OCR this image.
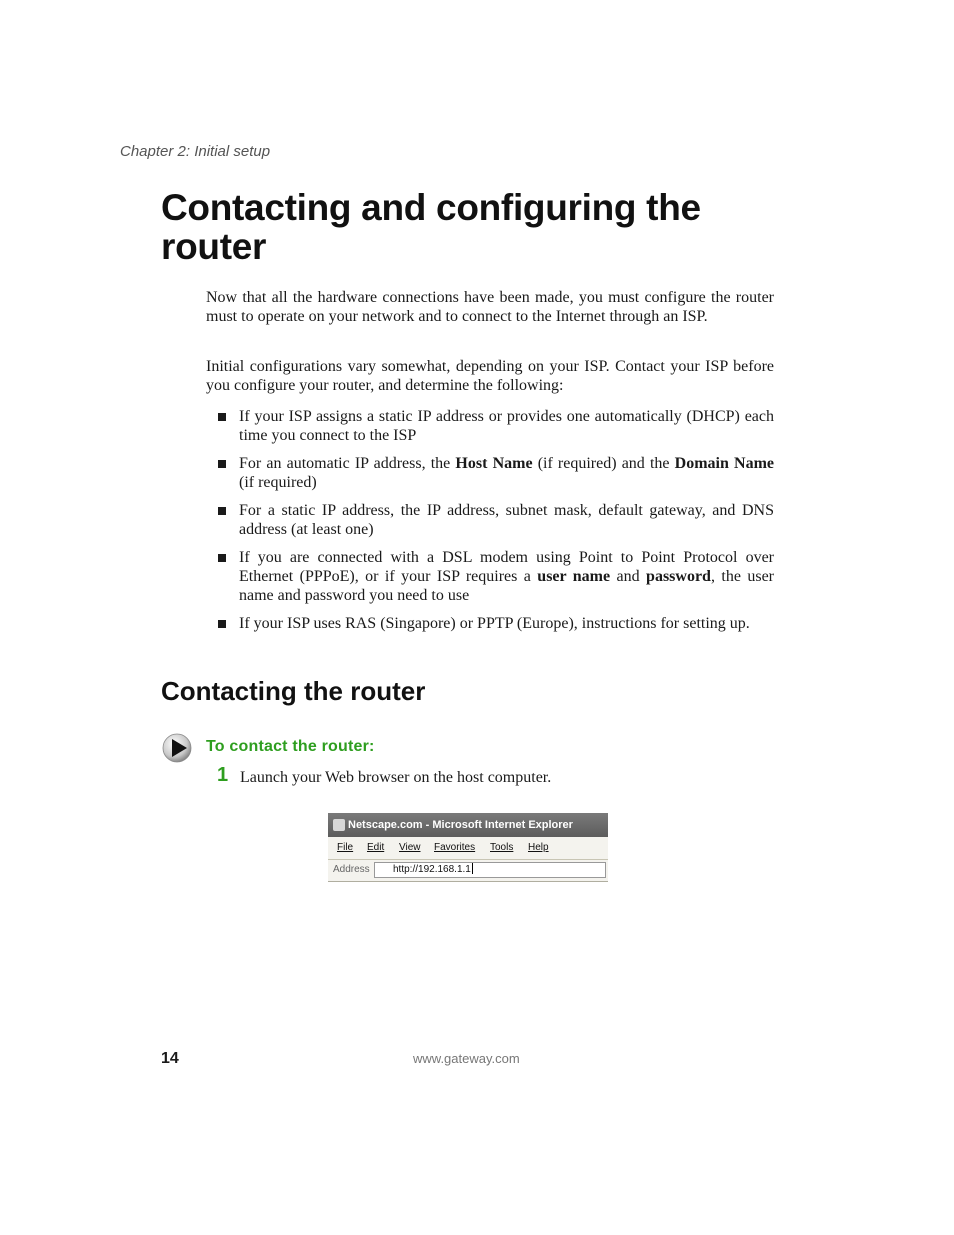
Chapter 2: Initial setup
Contacting and configuring the router

Now that all the hardware connections have been made, you must configure the router must to operate on your network and to connect to the Internet through an ISP.

Initial configurations vary somewhat, depending on your ISP. Contact your ISP before you configure your router, and determine the following:

If your ISP assigns a static IP address or provides one automatically (DHCP) each time you connect to the ISP
For an automatic IP address, the Host Name (if required) and the Domain Name (if required)
For a static IP address, the IP address, subnet mask, default gateway, and DNS address (at least one)
If you are connected with a DSL modem using Point to Point Protocol over Ethernet (PPPoE), or if your ISP requires a user name and password, the user name and password you need to use
If your ISP uses RAS (Singapore) or PPTP (Europe), instructions for setting up.
Contacting the router
To contact the router:
1 Launch your Web browser on the host computer.
Netscape.com - Microsoft Internet Explorer
File Edit View Favorites Tools Help
Address	http://192.168.1.1
14	www.gateway.com
